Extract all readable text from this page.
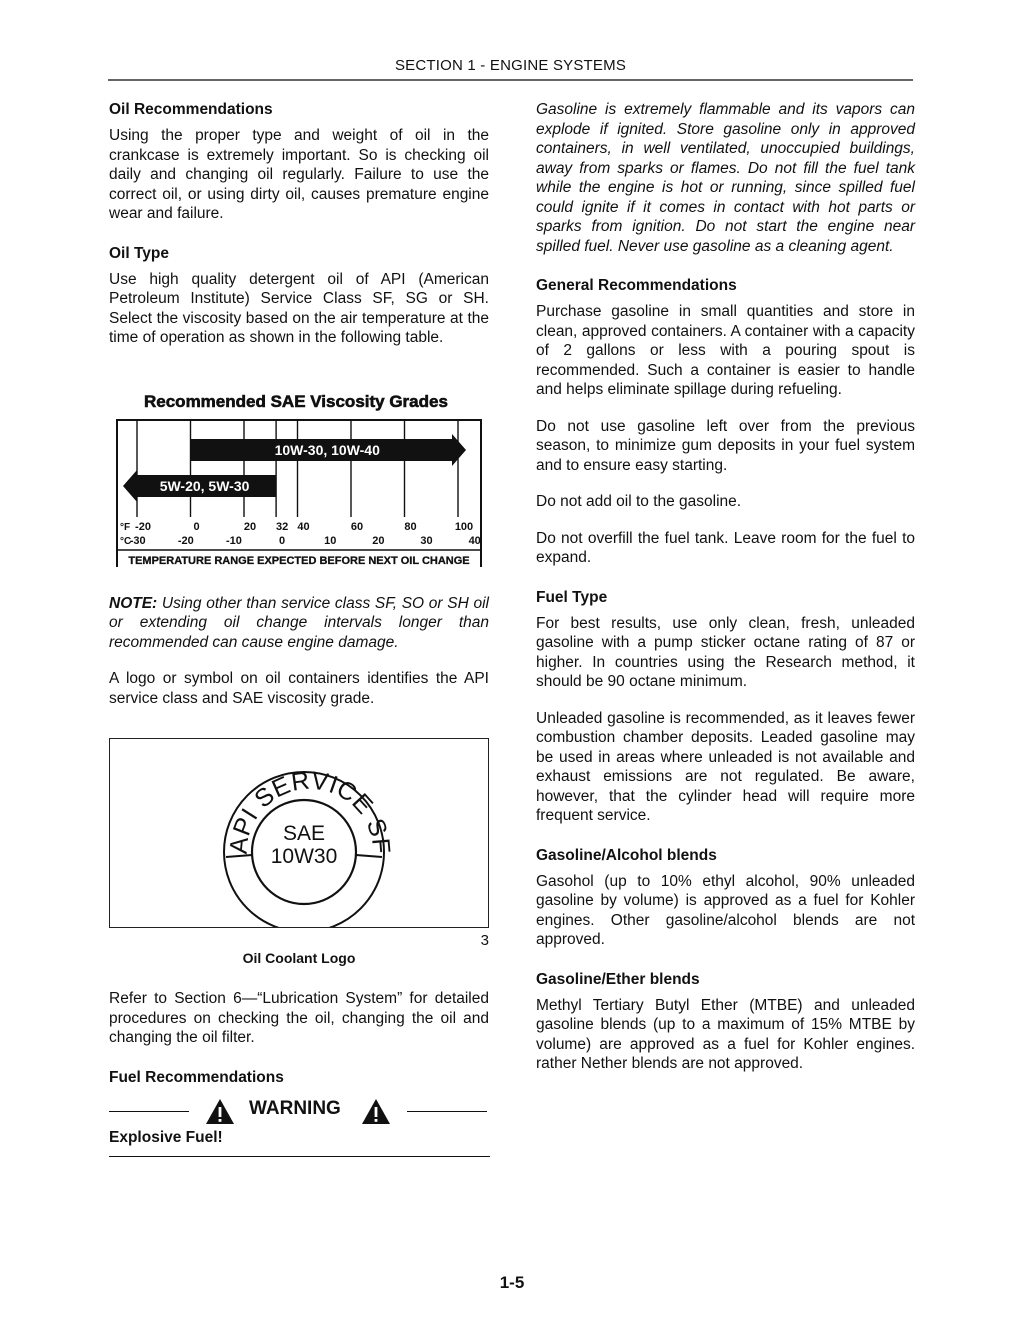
SECTION 1 - ENGINE SYSTEMS
Oil Recommendations

Using the proper type and weight of oil in the crankcase is extremely important. So is checking oil daily and changing oil regularly. Failure to use the correct oil, or using dirty oil, causes premature engine wear and failure.

Oil Type

Use high quality detergent oil of API (American Petroleum Institute) Service Class SF, SG or SH. Select the viscosity based on the air temperature at the time of operation as shown in the following table.

Recommended SAE Viscosity Grades
10W-30, 10W-40
5W-20, 5W-30
°F
°C
-20	0	20 32 40	60	80	100
-30	-20	-10	0	10	20	30	40
TEMPERATURE RANGE EXPECTED BEFORE NEXT OIL CHANGE

NOTE: Using other than service class SF, SO or SH oil or extending oil change intervals longer than recommended can cause engine damage.

A logo or symbol on oil containers identifies the API service class and SAE viscosity grade.

API SERVICE SF
SAE
10W30
3
Oil Coolant Logo

Refer to Section 6—“Lubrication System” for detailed procedures on checking the oil, changing the oil and changing the oil filter.

Fuel Recommendations
WARNING
Explosive Fuel!

Gasoline is extremely flammable and its vapors can explode if ignited. Store gasoline only in approved containers, in well ventilated, unoccupied buildings, away from sparks or flames. Do not fill the fuel tank while the engine is hot or running, since spilled fuel could ignite if it comes in contact with hot parts or sparks from ignition. Do not start the engine near spilled fuel. Never use gasoline as a cleaning agent.

General Recommendations

Purchase gasoline in small quantities and store in clean, approved containers. A container with a capacity of 2 gallons or less with a pouring spout is recommended. Such a container is easier to handle and helps eliminate spillage during refueling.

Do not use gasoline left over from the previous season, to minimize gum deposits in your fuel system and to ensure easy starting.

Do not add oil to the gasoline.

Do not overfill the fuel tank. Leave room for the fuel to expand.

Fuel Type

For best results, use only clean, fresh, unleaded gasoline with a pump sticker octane rating of 87 or higher. In countries using the Research method, it should be 90 octane minimum.

Unleaded gasoline is recommended, as it leaves fewer combustion chamber deposits. Leaded gasoline may be used in areas where unleaded is not available and exhaust emissions are not regulated. Be aware, however, that the cylinder head will require more frequent service.

Gasoline/Alcohol blends

Gasohol (up to 10% ethyl alcohol, 90% unleaded gasoline by volume) is approved as a fuel for Kohler engines. Other gasoline/alcohol blends are not approved.

Gasoline/Ether blends

Methyl Tertiary Butyl Ether (MTBE) and unleaded gasoline blends (up to a maximum of 15% MTBE by volume) are approved as a fuel for Kohler engines. rather Nether blends are not approved.

1-5
